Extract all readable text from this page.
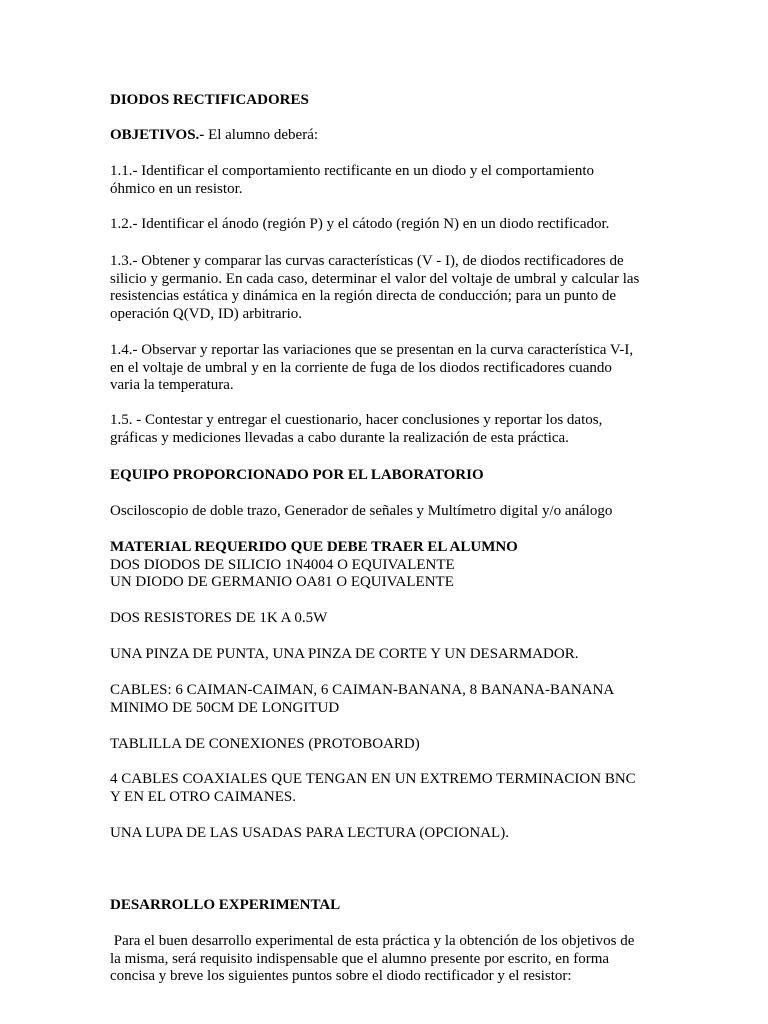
DIODOS RECTIFICADORES

OBJETIVOS.- El alumno deberá:

1.1.- Identificar el comportamiento rectificante en un diodo y el comportamiento
óhmico en un resistor.

1.2.- Identificar el ánodo (región P) y el cátodo (región N) en un diodo rectificador.

1.3.- Obtener y comparar las curvas características (V - I), de diodos rectificadores de
silicio y germanio. En cada caso, determinar el valor del voltaje de umbral y calcular las
resistencias estática y dinámica en la región directa de conducción; para un punto de
operación Q(VD, ID) arbitrario.

1.4.- Observar y reportar las variaciones que se presentan en la curva característica V-I,
en el voltaje de umbral y en la corriente de fuga de los diodos rectificadores cuando
varia la temperatura.

1.5. - Contestar y entregar el cuestionario, hacer conclusiones y reportar los datos,
gráficas y mediciones llevadas a cabo durante la realización de esta práctica.

EQUIPO PROPORCIONADO POR EL LABORATORIO

Osciloscopio de doble trazo, Generador de señales y Multímetro digital y/o análogo

MATERIAL REQUERIDO QUE DEBE TRAER EL ALUMNO
DOS DIODOS DE SILICIO 1N4004 O EQUIVALENTE
UN DIODO DE GERMANIO OA81 O EQUIVALENTE

DOS RESISTORES DE 1K A 0.5W

UNA PINZA DE PUNTA, UNA PINZA DE CORTE Y UN DESARMADOR.

CABLES: 6 CAIMAN-CAIMAN, 6 CAIMAN-BANANA, 8 BANANA-BANANA
MINIMO DE 50CM DE LONGITUD

TABLILLA DE CONEXIONES (PROTOBOARD)

4 CABLES COAXIALES QUE TENGAN EN UN EXTREMO TERMINACION BNC
Y EN EL OTRO CAIMANES.

UNA LUPA DE LAS USADAS PARA LECTURA (OPCIONAL).

DESARROLLO EXPERIMENTAL

Para el buen desarrollo experimental de esta práctica y la obtención de los objetivos de
la misma, será requisito indispensable que el alumno presente por escrito, en forma
concisa y breve los siguientes puntos sobre el diodo rectificador y el resistor:
